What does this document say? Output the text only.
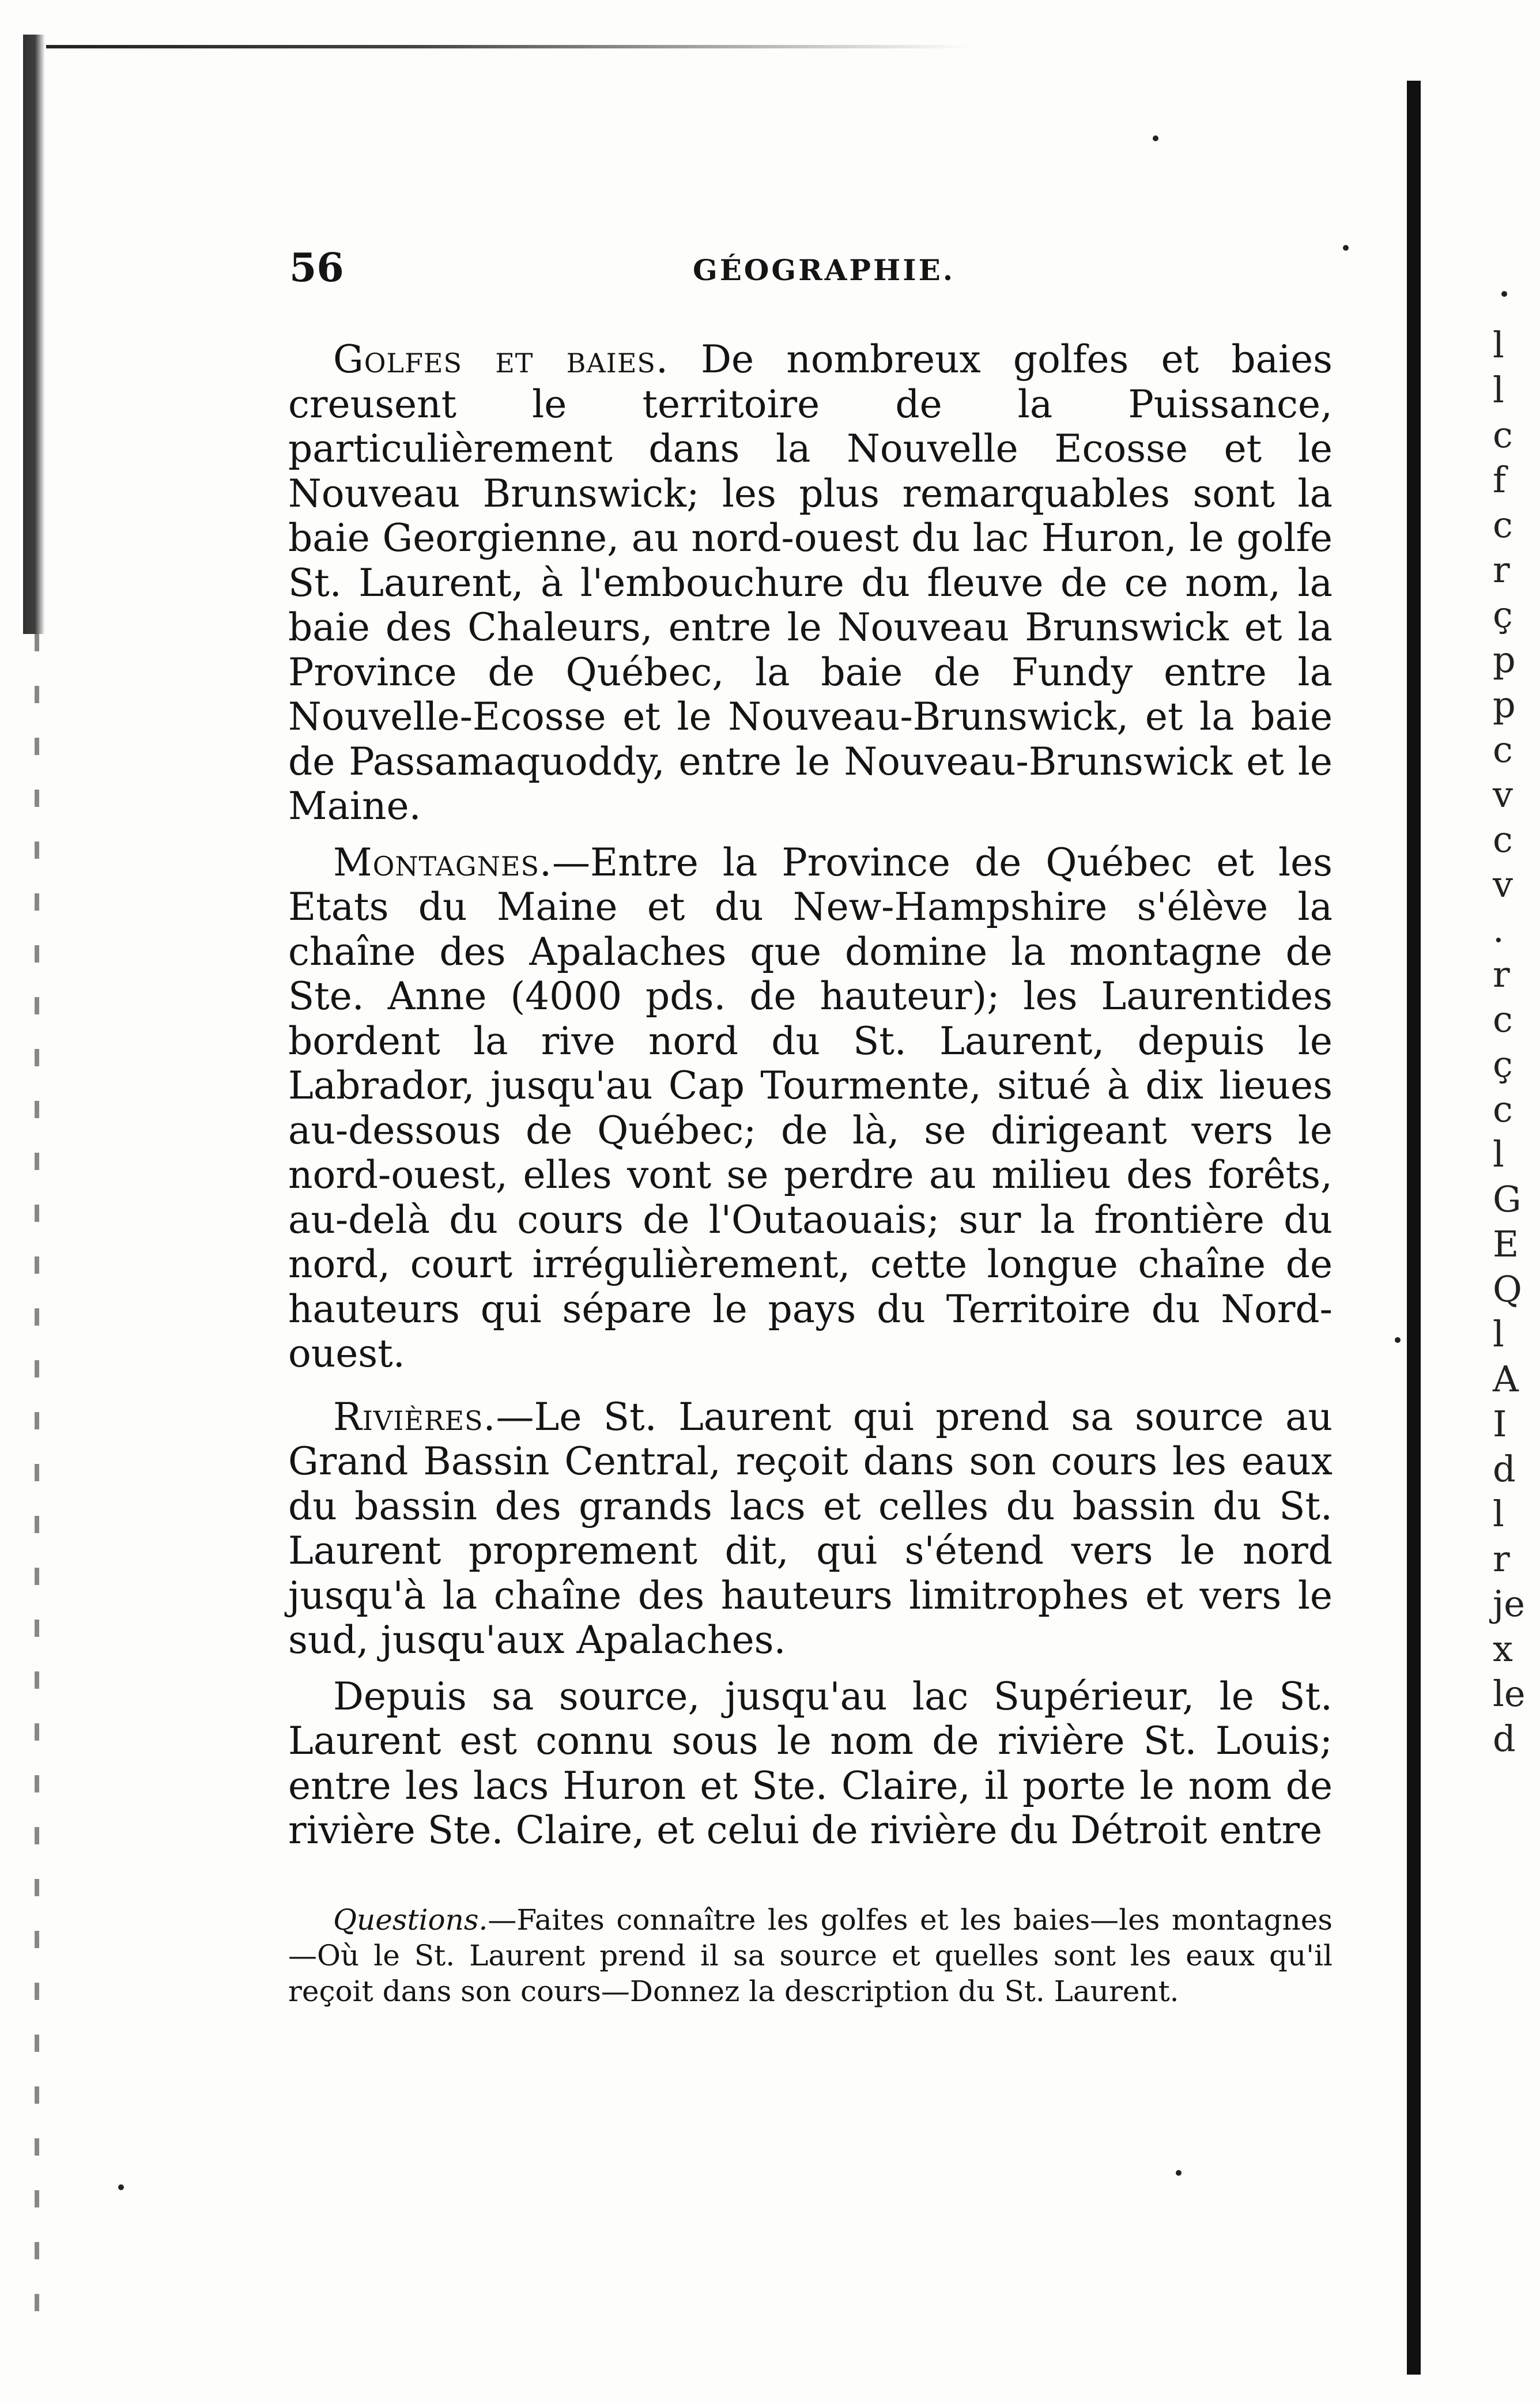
l
l
c
f
c
r
ç
p
p
c
v
c
v
.
r
c
ç
c
l
G
E
Q
l
A
I
d
l
r
je
x
le
d
56	GÉOGRAPHIE.

Golfes et baies. De nombreux golfes et baies creusent le territoire de la Puissance, particulièrement dans la Nouvelle Ecosse et le Nouveau Brunswick; les plus remarquables sont la baie Georgienne, au nord-ouest du lac Huron, le golfe St. Laurent, à l'embouchure du fleuve de ce nom, la baie des Chaleurs, entre le Nouveau Brunswick et la Province de Québec, la baie de Fundy entre la Nouvelle-Ecosse et le Nouveau-Brunswick, et la baie de Passamaquoddy, entre le Nouveau-Brunswick et le Maine.

Montagnes.—Entre la Province de Québec et les Etats du Maine et du New-Hampshire s'élève la chaîne des Apalaches que domine la montagne de Ste. Anne (4000 pds. de hauteur); les Laurentides bordent la rive nord du St. Laurent, depuis le Labrador, jusqu'au Cap Tourmente, situé à dix lieues au-dessous de Québec; de là, se dirigeant vers le nord-ouest, elles vont se perdre au milieu des forêts, au-delà du cours de l'Outaouais; sur la frontière du nord, court irrégulièrement, cette longue chaîne de hauteurs qui sépare le pays du Territoire du Nord-ouest.

Rivières.—Le St. Laurent qui prend sa source au Grand Bassin Central, reçoit dans son cours les eaux du bassin des grands lacs et celles du bassin du St. Laurent proprement dit, qui s'étend vers le nord jusqu'à la chaîne des hauteurs limitrophes et vers le sud, jusqu'aux Apalaches.

Depuis sa source, jusqu'au lac Supérieur, le St. Laurent est connu sous le nom de rivière St. Louis; entre les lacs Huron et Ste. Claire, il porte le nom de rivière Ste. Claire, et celui de rivière du Détroit entre

Questions.—Faites connaître les golfes et les baies—les montagnes—Où le St. Laurent prend il sa source et quelles sont les eaux qu'il reçoit dans son cours—Donnez la description du St. Laurent.
